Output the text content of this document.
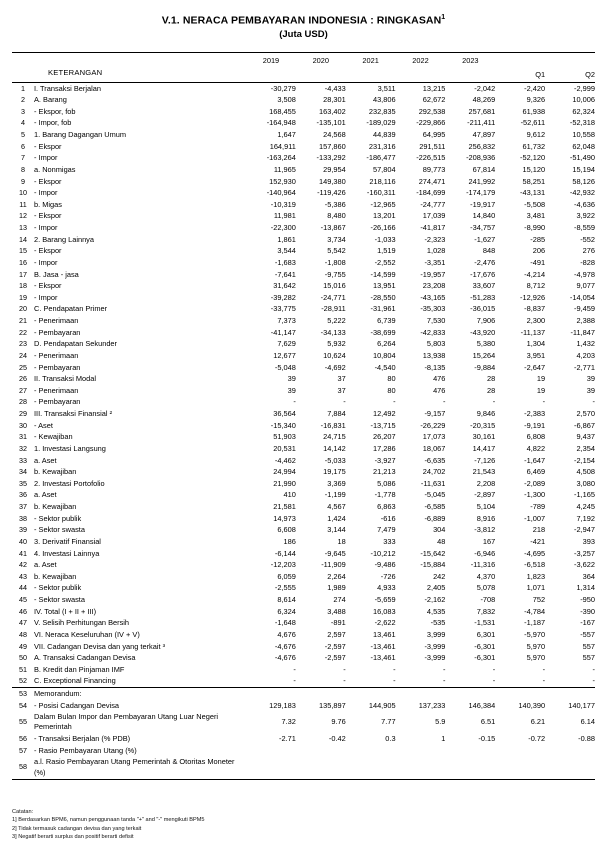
V.1. NERACA PEMBAYARAN INDONESIA : RINGKASAN$^1$
(Juta USD)
		2019	2020	2021	2022	2023		
	KETERANGAN						Q1	Q2
1	I. Transaksi Berjalan	-30,279	-4,433	3,511	13,215	-2,042	-2,420	-2,999
2	A. Barang	3,508	28,301	43,806	62,672	48,269	9,326	10,006
3	- Ekspor, fob	168,455	163,402	232,835	292,538	257,681	61,938	62,324
4	- Impor, fob	-164,948	-135,101	-189,029	-229,866	-211,411	-52,611	-52,318
5	1. Barang Dagangan Umum	1,647	24,568	44,839	64,995	47,897	9,612	10,558
6	- Ekspor	164,911	157,860	231,316	291,511	256,832	61,732	62,048
7	- Impor	-163,264	-133,292	-186,477	-226,515	-208,936	-52,120	-51,490
8	a. Nonmigas	11,965	29,954	57,804	89,773	67,814	15,120	15,194
9	- Ekspor	152,930	149,380	218,116	274,471	241,992	58,251	58,126
10	- Impor	-140,964	-119,426	-160,311	-184,699	-174,179	-43,131	-42,932
11	b. Migas	-10,319	-5,386	-12,965	-24,777	-19,917	-5,508	-4,636
12	- Ekspor	11,981	8,480	13,201	17,039	14,840	3,481	3,922
13	- Impor	-22,300	-13,867	-26,166	-41,817	-34,757	-8,990	-8,559
14	2. Barang Lainnya	1,861	3,734	-1,033	-2,323	-1,627	-285	-552
15	- Ekspor	3,544	5,542	1,519	1,028	848	206	276
16	- Impor	-1,683	-1,808	-2,552	-3,351	-2,476	-491	-828
17	B. Jasa - jasa	-7,641	-9,755	-14,599	-19,957	-17,676	-4,214	-4,978
18	- Ekspor	31,642	15,016	13,951	23,208	33,607	8,712	9,077
19	- Impor	-39,282	-24,771	-28,550	-43,165	-51,283	-12,926	-14,054
20	C. Pendapatan Primer	-33,775	-28,911	-31,961	-35,303	-36,015	-8,837	-9,459
21	- Penerimaan	7,373	5,222	6,739	7,530	7,906	2,300	2,388
22	- Pembayaran	-41,147	-34,133	-38,699	-42,833	-43,920	-11,137	-11,847
23	D. Pendapatan Sekunder	7,629	5,932	6,264	5,803	5,380	1,304	1,432
24	- Penerimaan	12,677	10,624	10,804	13,938	15,264	3,951	4,203
25	- Pembayaran	-5,048	-4,692	-4,540	-8,135	-9,884	-2,647	-2,771
26	II. Transaksi Modal	39	37	80	476	28	19	39
27	- Penerimaan	39	37	80	476	28	19	39
28	- Pembayaran	-	-	-	-	-	-	-
29	III. Transaksi Finansial ²	36,564	7,884	12,492	-9,157	9,846	-2,383	2,570
30	- Aset	-15,340	-16,831	-13,715	-26,229	-20,315	-9,191	-6,867
31	- Kewajiban	51,903	24,715	26,207	17,073	30,161	6,808	9,437
32	1. Investasi Langsung	20,531	14,142	17,286	18,067	14,417	4,822	2,354
33	a. Aset	-4,462	-5,033	-3,927	-6,635	-7,126	-1,647	-2,154
34	b. Kewajiban	24,994	19,175	21,213	24,702	21,543	6,469	4,508
35	2. Investasi Portofolio	21,990	3,369	5,086	-11,631	2,208	-2,089	3,080
36	a. Aset	410	-1,199	-1,778	-5,045	-2,897	-1,300	-1,165
37	b. Kewajiban	21,581	4,567	6,863	-6,585	5,104	-789	4,245
38	- Sektor publik	14,973	1,424	-616	-6,889	8,916	-1,007	7,192
39	- Sektor swasta	6,608	3,144	7,479	304	-3,812	218	-2,947
40	3. Derivatif Finansial	186	18	333	48	167	-421	393
41	4. Investasi Lainnya	-6,144	-9,645	-10,212	-15,642	-6,946	-4,695	-3,257
42	a. Aset	-12,203	-11,909	-9,486	-15,884	-11,316	-6,518	-3,622
43	b. Kewajiban	6,059	2,264	-726	242	4,370	1,823	364
44	- Sektor publik	-2,555	1,989	4,933	2,405	5,078	1,071	1,314
45	- Sektor swasta	8,614	274	-5,659	-2,162	-708	752	-950
46	IV. Total (I + II + III)	6,324	3,488	16,083	4,535	7,832	-4,784	-390
47	V. Selisih Perhitungan Bersih	-1,648	-891	-2,622	-535	-1,531	-1,187	-167
48	VI. Neraca Keseluruhan (IV + V)	4,676	2,597	13,461	3,999	6,301	-5,970	-557
49	VII. Cadangan Devisa dan yang terkait ³	-4,676	-2,597	-13,461	-3,999	-6,301	5,970	557
50	A. Transaksi Cadangan Devisa	-4,676	-2,597	-13,461	-3,999	-6,301	5,970	557
51	B. Kredit dan Pinjaman IMF	-	-	-	-	-	-	-
52	C. Exceptional Financing	-	-	-	-	-	-	-
53	Memorandum:							
54	- Posisi Cadangan Devisa	129,183	135,897	144,905	137,233	146,384	140,390	140,177
55	Dalam Bulan Impor dan Pembayaran Utang Luar Negeri Pemerintah	7.32	9.76	7.77	5.9	6.51	6.21	6.14
56	- Transaksi Berjalan (% PDB)	-2.71	-0.42	0.3	1	-0.15	-0.72	-0.88
57	- Rasio Pembayaran Utang (%)							
58	a.l. Rasio Pembayaran Utang Pemerintah & Otoritas Moneter (%)							
Catatan:
1] Berdasarkan BPM6, namun penggunaan tanda "+" and "-" mengikuti BPM5
2] Tidak termasuk cadangan devisa dan yang terkait
3] Negatif berarti surplus dan positif berarti defisit
